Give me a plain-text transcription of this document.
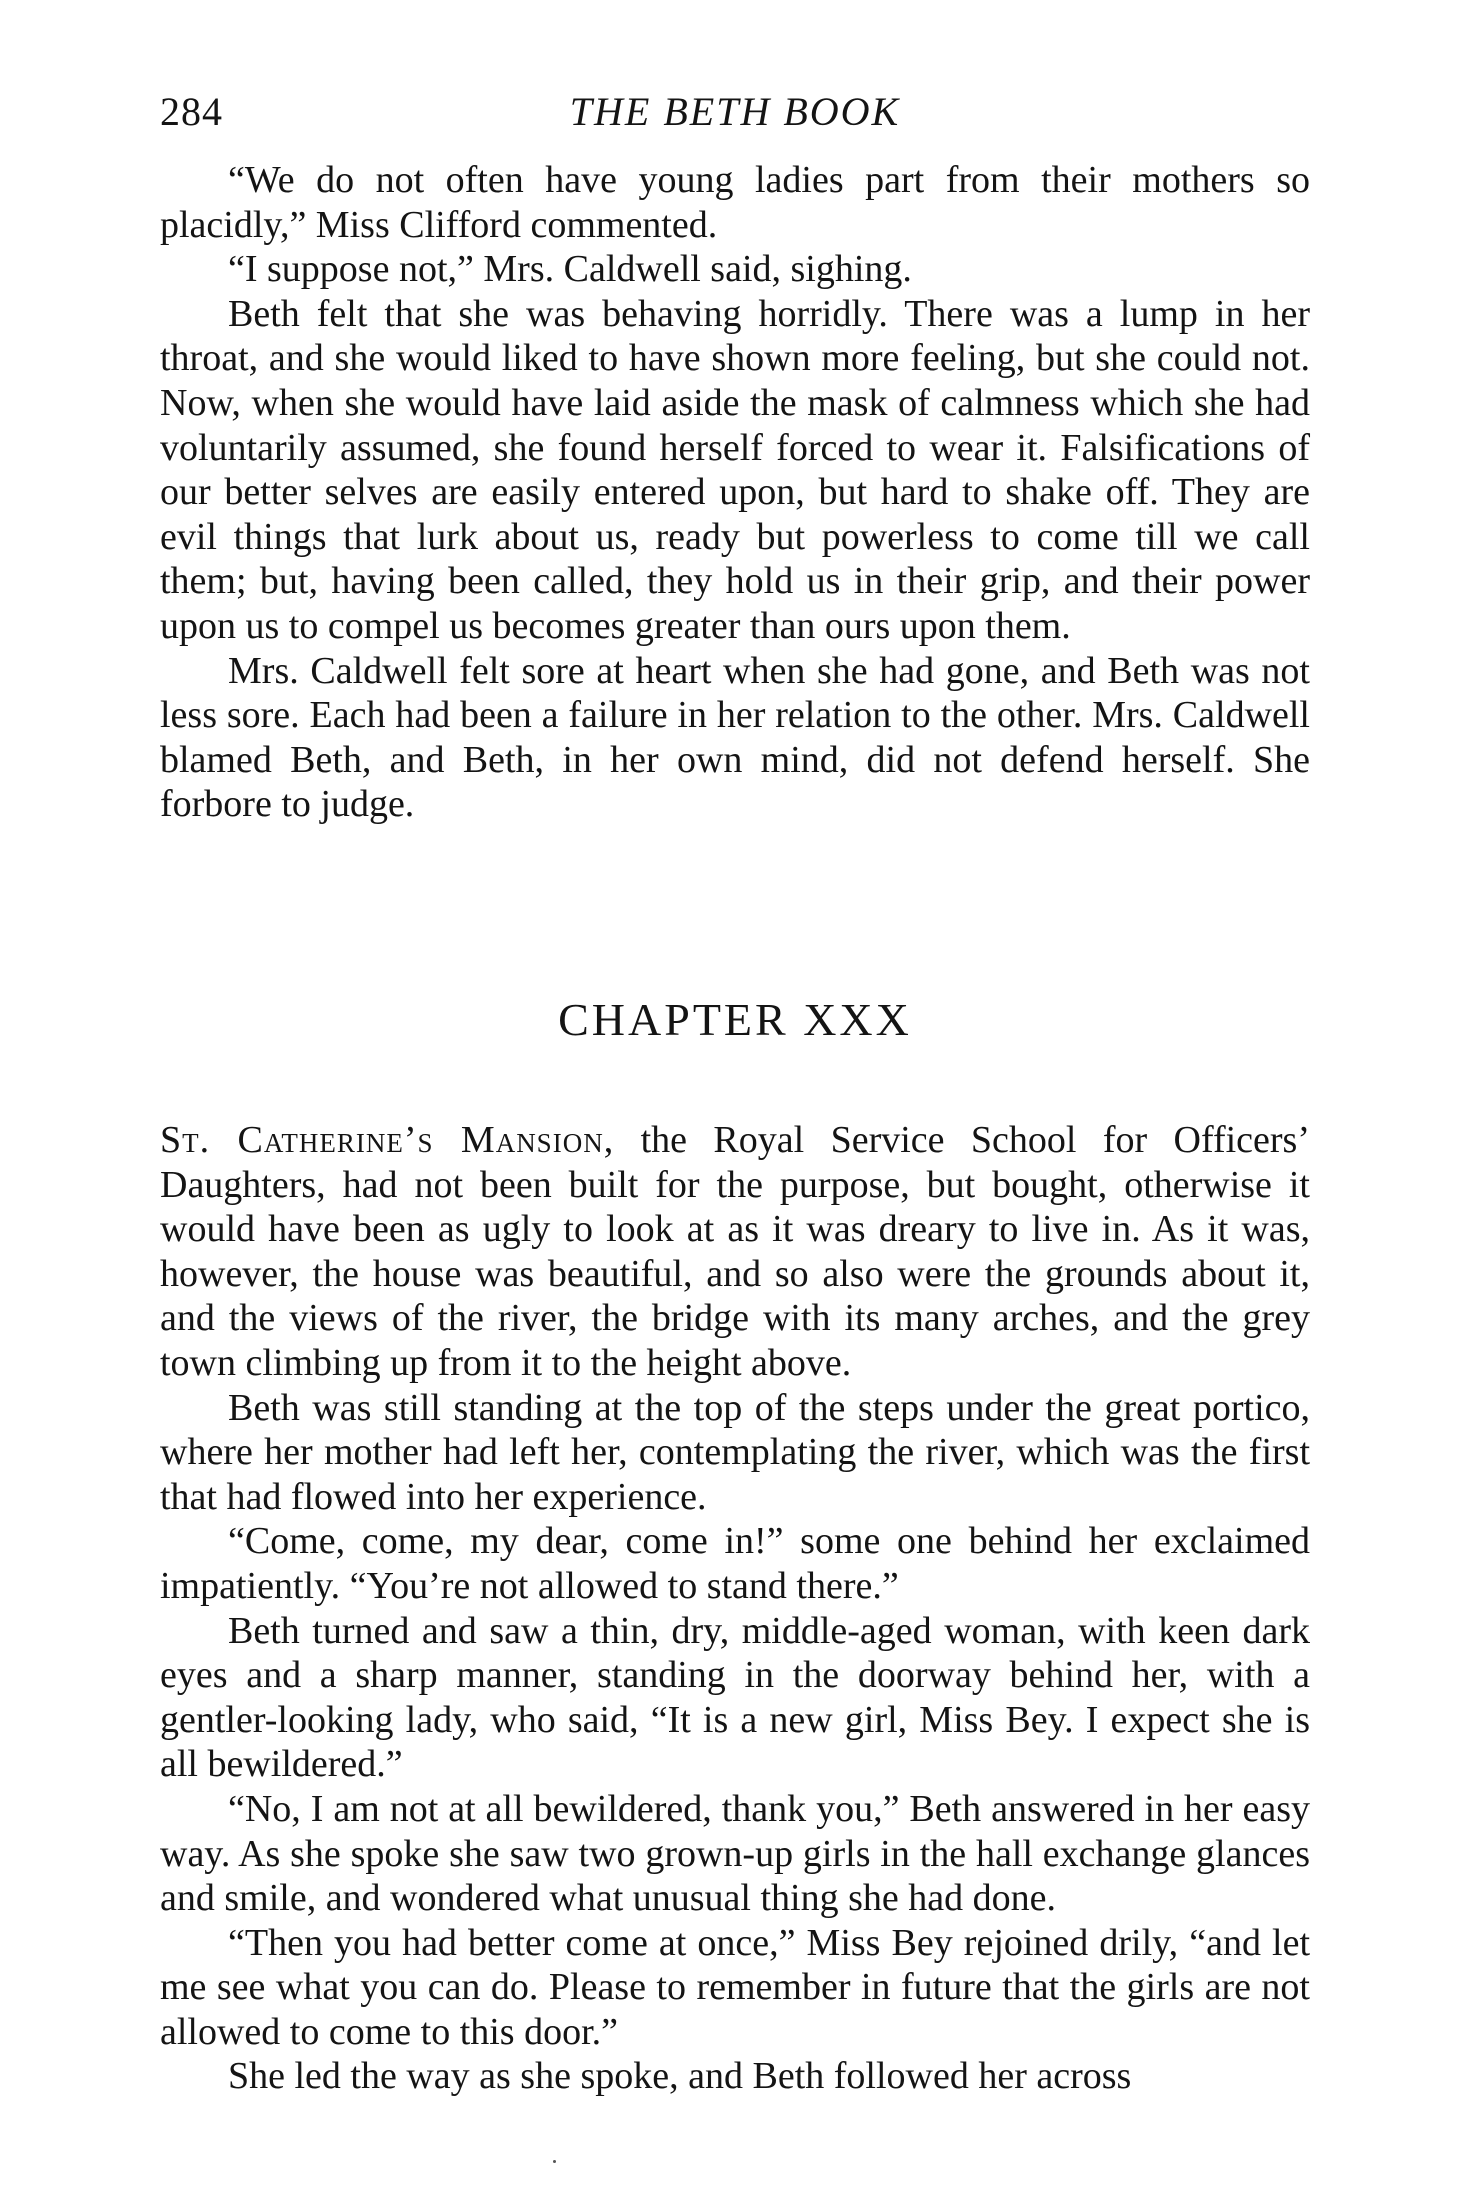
284	THE BETH BOOK

“We do not often have young ladies part from their mothers so placidly,” Miss Clifford commented.

“I suppose not,” Mrs. Caldwell said, sighing.

Beth felt that she was behaving horridly. There was a lump in her throat, and she would liked to have shown more feeling, but she could not. Now, when she would have laid aside the mask of calmness which she had voluntarily assumed, she found herself forced to wear it. Falsifications of our better selves are easily entered upon, but hard to shake off. They are evil things that lurk about us, ready but powerless to come till we call them; but, having been called, they hold us in their grip, and their power upon us to compel us becomes greater than ours upon them.

Mrs. Caldwell felt sore at heart when she had gone, and Beth was not less sore. Each had been a failure in her relation to the other. Mrs. Caldwell blamed Beth, and Beth, in her own mind, did not defend herself. She forbore to judge.

CHAPTER XXX

St. Catherine’s Mansion, the Royal Service School for Officers’ Daughters, had not been built for the purpose, but bought, otherwise it would have been as ugly to look at as it was dreary to live in. As it was, however, the house was beautiful, and so also were the grounds about it, and the views of the river, the bridge with its many arches, and the grey town climbing up from it to the height above.

Beth was still standing at the top of the steps under the great portico, where her mother had left her, contemplating the river, which was the first that had flowed into her experience.

“Come, come, my dear, come in!” some one behind her exclaimed impatiently. “You’re not allowed to stand there.”

Beth turned and saw a thin, dry, middle-aged woman, with keen dark eyes and a sharp manner, standing in the doorway behind her, with a gentler-looking lady, who said, “It is a new girl, Miss Bey. I expect she is all bewildered.”

“No, I am not at all bewildered, thank you,” Beth answered in her easy way. As she spoke she saw two grown-up girls in the hall exchange glances and smile, and wondered what unusual thing she had done.

“Then you had better come at once,” Miss Bey rejoined drily, “and let me see what you can do. Please to remember in future that the girls are not allowed to come to this door.”

She led the way as she spoke, and Beth followed her across
